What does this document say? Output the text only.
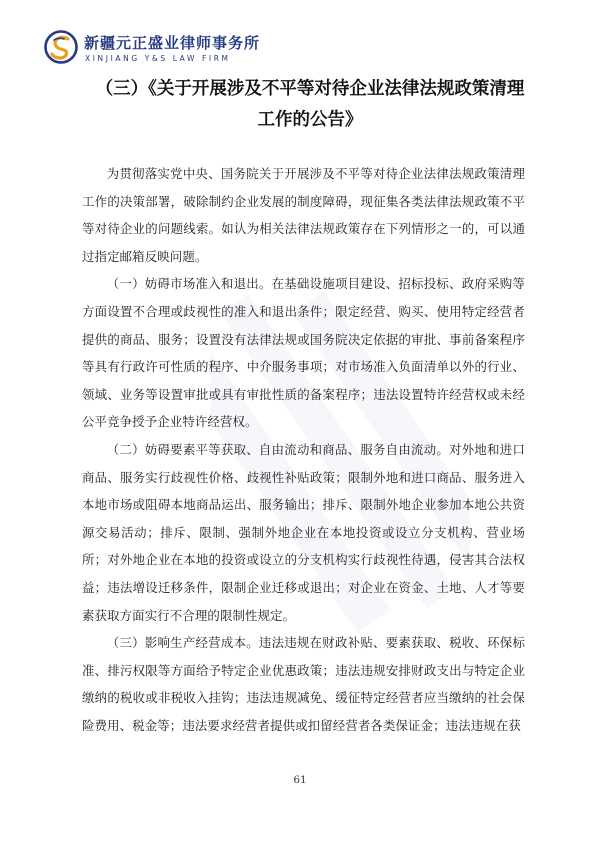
新疆元正盛业律师事务所
XINJIANG Y&S LAW FIRM
（三）《关于开展涉及不平等对待企业法律法规政策清理
工作的公告》

为贯彻落实党中央、国务院关于开展涉及不平等对待企业法律法规政策清理工作的决策部署，破除制约企业发展的制度障碍，现征集各类法律法规政策不平等对待企业的问题线索。如认为相关法律法规政策存在下列情形之一的，可以通过指定邮箱反映问题。

（一）妨碍市场准入和退出。在基础设施项目建设、招标投标、政府采购等方面设置不合理或歧视性的准入和退出条件；限定经营、购买、使用特定经营者提供的商品、服务；设置没有法律法规或国务院决定依据的审批、事前备案程序等具有行政许可性质的程序、中介服务事项；对市场准入负面清单以外的行业、领域、业务等设置审批或具有审批性质的备案程序；违法设置特许经营权或未经公平竞争授予企业特许经营权。

（二）妨碍要素平等获取、自由流动和商品、服务自由流动。对外地和进口商品、服务实行歧视性价格、歧视性补贴政策；限制外地和进口商品、服务进入本地市场或阻碍本地商品运出、服务输出；排斥、限制外地企业参加本地公共资源交易活动；排斥、限制、强制外地企业在本地投资或设立分支机构、营业场所；对外地企业在本地的投资或设立的分支机构实行歧视性待遇，侵害其合法权益；违法增设迁移条件，限制企业迁移或退出；对企业在资金、土地、人才等要素获取方面实行不合理的限制性规定。

（三）影响生产经营成本。违法违规在财政补贴、要素获取、税收、环保标准、排污权限等方面给予特定企业优惠政策；违法违规安排财政支出与特定企业缴纳的税收或非税收入挂钩；违法违规减免、缓征特定经营者应当缴纳的社会保险费用、税金等；违法要求经营者提供或扣留经营者各类保证金；违法违规在获

61
